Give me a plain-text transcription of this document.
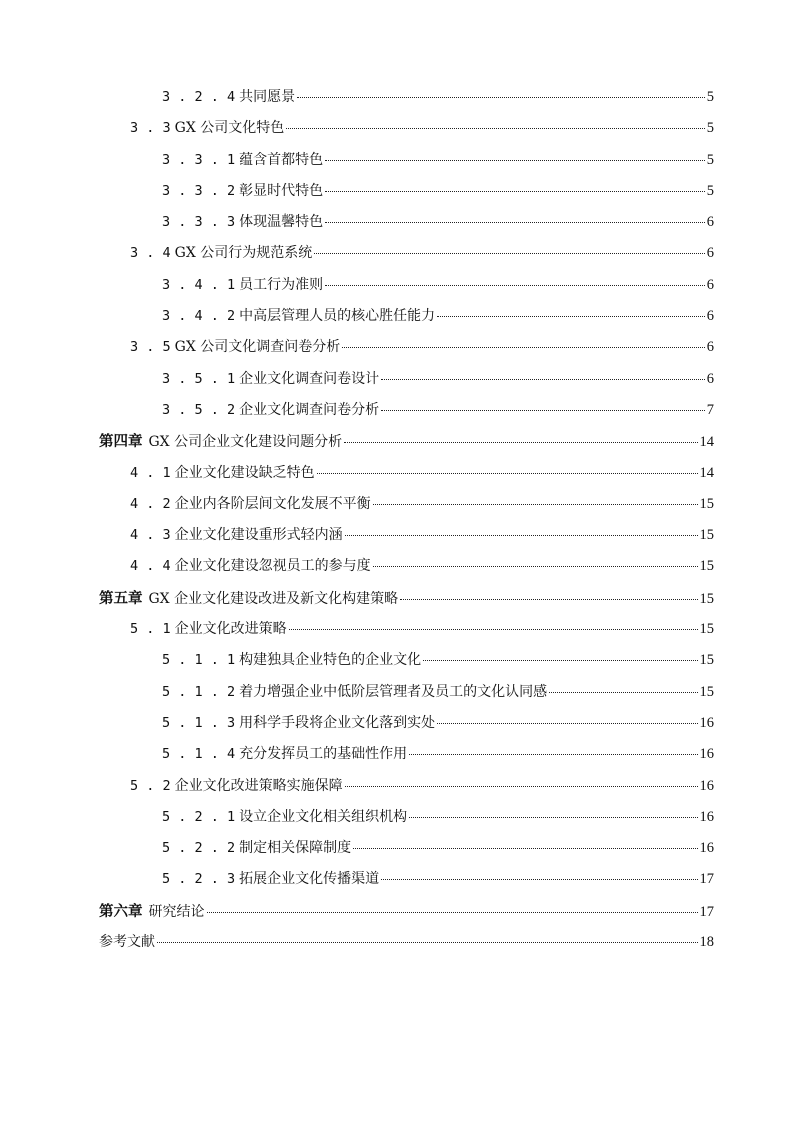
3 . 2 . 4 共同愿景	5
3 . 3 GX 公司文化特色	5
3 . 3 . 1 蕴含首都特色	5
3 . 3 . 2 彰显时代特色	5
3 . 3 . 3 体现温馨特色	6
3 . 4 GX 公司行为规范系统	6
3 . 4 . 1 员工行为准则	6
3 . 4 . 2 中高层管理人员的核心胜任能力	6
3 . 5 GX 公司文化调查问卷分析	6
3 . 5 . 1 企业文化调查问卷设计	6
3 . 5 . 2 企业文化调查问卷分析	7
第四章 GX 公司企业文化建设问题分析	14
4 . 1 企业文化建设缺乏特色	14
4 . 2 企业内各阶层间文化发展不平衡	15
4 . 3 企业文化建设重形式轻内涵	15
4 . 4 企业文化建设忽视员工的参与度	15
第五章 GX 企业文化建设改进及新文化构建策略	15
5 . 1 企业文化改进策略	15
5 . 1 . 1 构建独具企业特色的企业文化	15
5 . 1 . 2 着力增强企业中低阶层管理者及员工的文化认同感	15
5 . 1 . 3 用科学手段将企业文化落到实处	16
5 . 1 . 4 充分发挥员工的基础性作用	16
5 . 2 企业文化改进策略实施保障	16
5 . 2 . 1 设立企业文化相关组织机构	16
5 . 2 . 2 制定相关保障制度	16
5 . 2 . 3 拓展企业文化传播渠道	17
第六章 研究结论	17
参考文献	18
